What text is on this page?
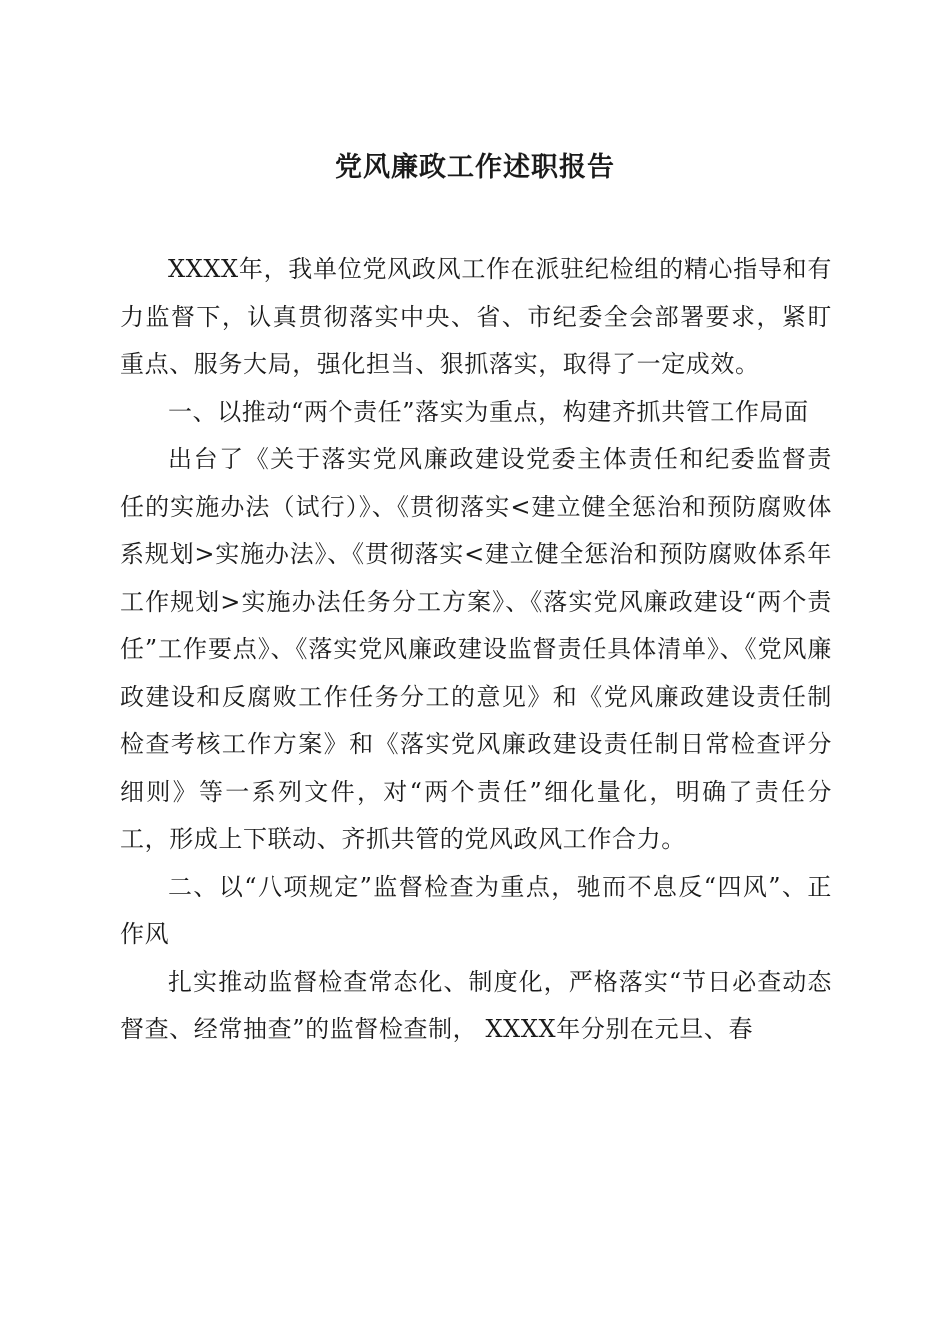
党风廉政工作述职报告

XXXX年，我单位党风政风工作在派驻纪检组的精心指导和有力监督下，认真贯彻落实中央、省、市纪委全会部署要求，紧盯重点、服务大局，强化担当、狠抓落实，取得了一定成效。

一、以推动“两个责任”落实为重点，构建齐抓共管工作局面

出台了《关于落实党风廉政建设党委主体责任和纪委监督责任的实施办法（试行）》、《贯彻落实<建立健全惩治和预防腐败体系规划>实施办法》、《贯彻落实<建立健全惩治和预防腐败体系年工作规划>实施办法任务分工方案》、《落实党风廉政建设“两个责任”工作要点》、《落实党风廉政建设监督责任具体清单》、《党风廉政建设和反腐败工作任务分工的意见》和《党风廉政建设责任制检查考核工作方案》和《落实党风廉政建设责任制日常检查评分细则》等一系列文件，对“两个责任”细化量化，明确了责任分工，形成上下联动、齐抓共管的党风政风工作合力。

二、以“八项规定”监督检查为重点，驰而不息反“四风”、正作风

扎实推动监督检查常态化、制度化，严格落实“节日必查动态督查、经常抽查”的监督检查制， XXXX年分别在元旦、春
